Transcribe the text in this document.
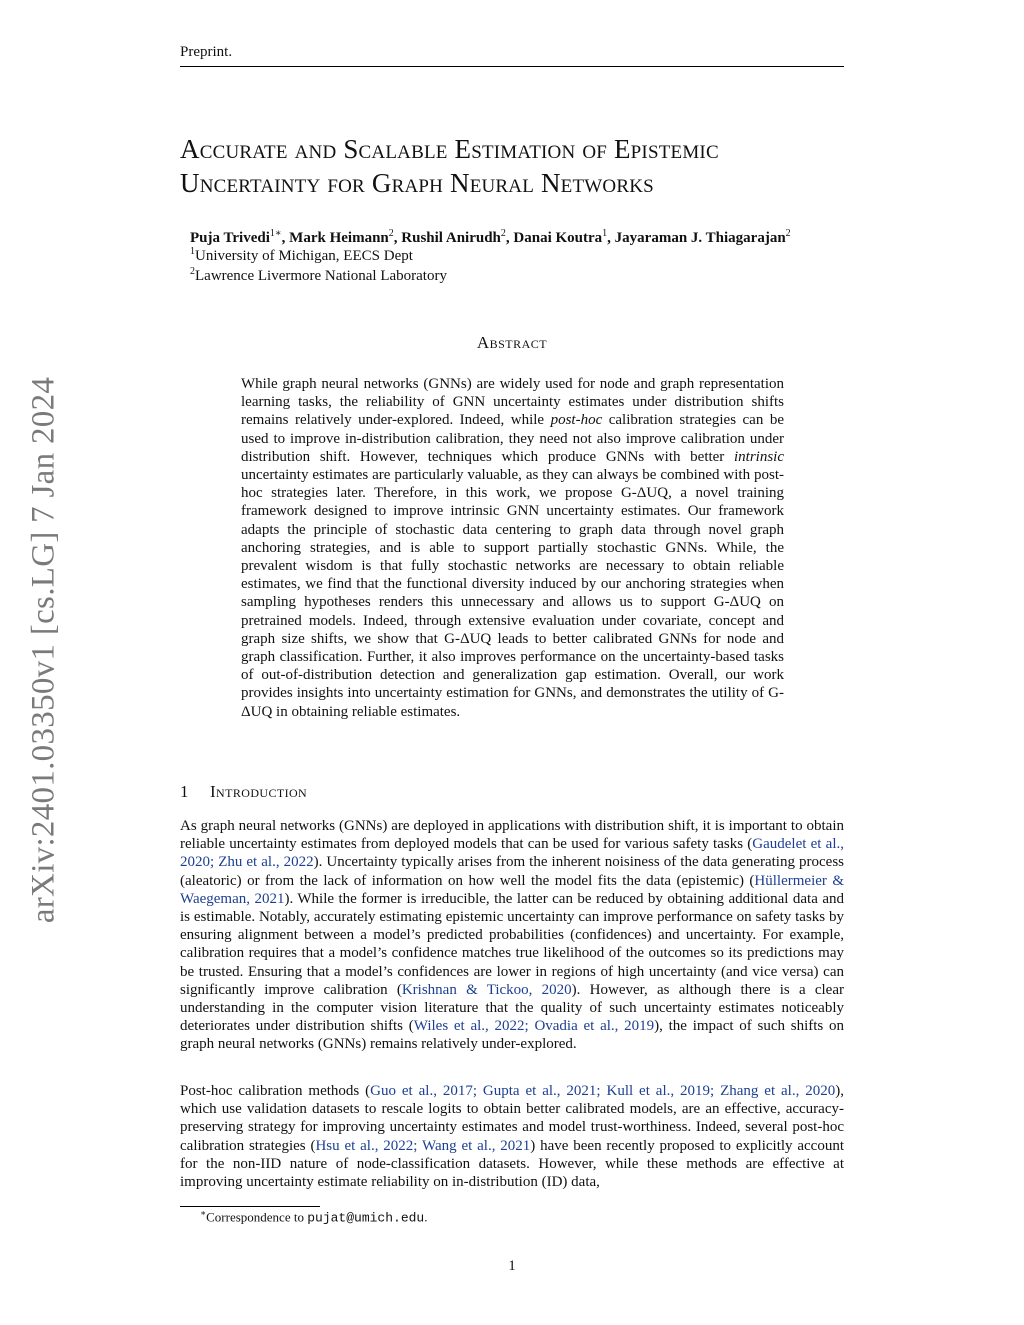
Preprint.
arXiv:2401.03350v1 [cs.LG] 7 Jan 2024
Accurate and Scalable Estimation of Epistemic
Uncertainty for Graph Neural Networks
Puja Trivedi$^{1∗}$, Mark Heimann$^2$, Rushil Anirudh$^2$, Danai Koutra$^1$, Jayaraman J. Thiagarajan$^2$
$^1$University of Michigan, EECS Dept
$^2$Lawrence Livermore National Laboratory
Abstract
While graph neural networks (GNNs) are widely used for node and graph representation learning tasks, the reliability of GNN uncertainty estimates under distribution shifts remains relatively under-explored. Indeed, while post-hoc calibration strategies can be used to improve in-distribution calibration, they need not also improve calibration under distribution shift. However, techniques which produce GNNs with better intrinsic uncertainty estimates are particularly valuable, as they can always be combined with post-hoc strategies later. Therefore, in this work, we propose G-ΔUQ, a novel training framework designed to improve intrinsic GNN uncertainty estimates. Our framework adapts the principle of stochastic data centering to graph data through novel graph anchoring strategies, and is able to support partially stochastic GNNs. While, the prevalent wisdom is that fully stochastic networks are necessary to obtain reliable estimates, we find that the functional diversity induced by our anchoring strategies when sampling hypotheses renders this unnecessary and allows us to support G-ΔUQ on pretrained models. Indeed, through extensive evaluation under covariate, concept and graph size shifts, we show that G-ΔUQ leads to better calibrated GNNs for node and graph classification. Further, it also improves performance on the uncertainty-based tasks of out-of-distribution detection and generalization gap estimation. Overall, our work provides insights into uncertainty estimation for GNNs, and demonstrates the utility of G-ΔUQ in obtaining reliable estimates.
1 Introduction
As graph neural networks (GNNs) are deployed in applications with distribution shift, it is important to obtain reliable uncertainty estimates from deployed models that can be used for various safety tasks (Gaudelet et al., 2020; Zhu et al., 2022). Uncertainty typically arises from the inherent noisiness of the data generating process (aleatoric) or from the lack of information on how well the model fits the data (epistemic) (Hüllermeier & Waegeman, 2021). While the former is irreducible, the latter can be reduced by obtaining additional data and is estimable. Notably, accurately estimating epistemic uncertainty can improve performance on safety tasks by ensuring alignment between a model’s predicted probabilities (confidences) and uncertainty. For example, calibration requires that a model’s confidence matches true likelihood of the outcomes so its predictions may be trusted. Ensuring that a model’s confidences are lower in regions of high uncertainty (and vice versa) can significantly improve calibration (Krishnan & Tickoo, 2020). However, as although there is a clear understanding in the computer vision literature that the quality of such uncertainty estimates noticeably deteriorates under distribution shifts (Wiles et al., 2022; Ovadia et al., 2019), the impact of such shifts on graph neural networks (GNNs) remains relatively under-explored.
Post-hoc calibration methods (Guo et al., 2017; Gupta et al., 2021; Kull et al., 2019; Zhang et al., 2020), which use validation datasets to rescale logits to obtain better calibrated models, are an effective, accuracy-preserving strategy for improving uncertainty estimates and model trust-worthiness. Indeed, several post-hoc calibration strategies (Hsu et al., 2022; Wang et al., 2021) have been recently proposed to explicitly account for the non-IID nature of node-classification datasets. However, while these methods are effective at improving uncertainty estimate reliability on in-distribution (ID) data,
∗Correspondence to pujat@umich.edu.
1
